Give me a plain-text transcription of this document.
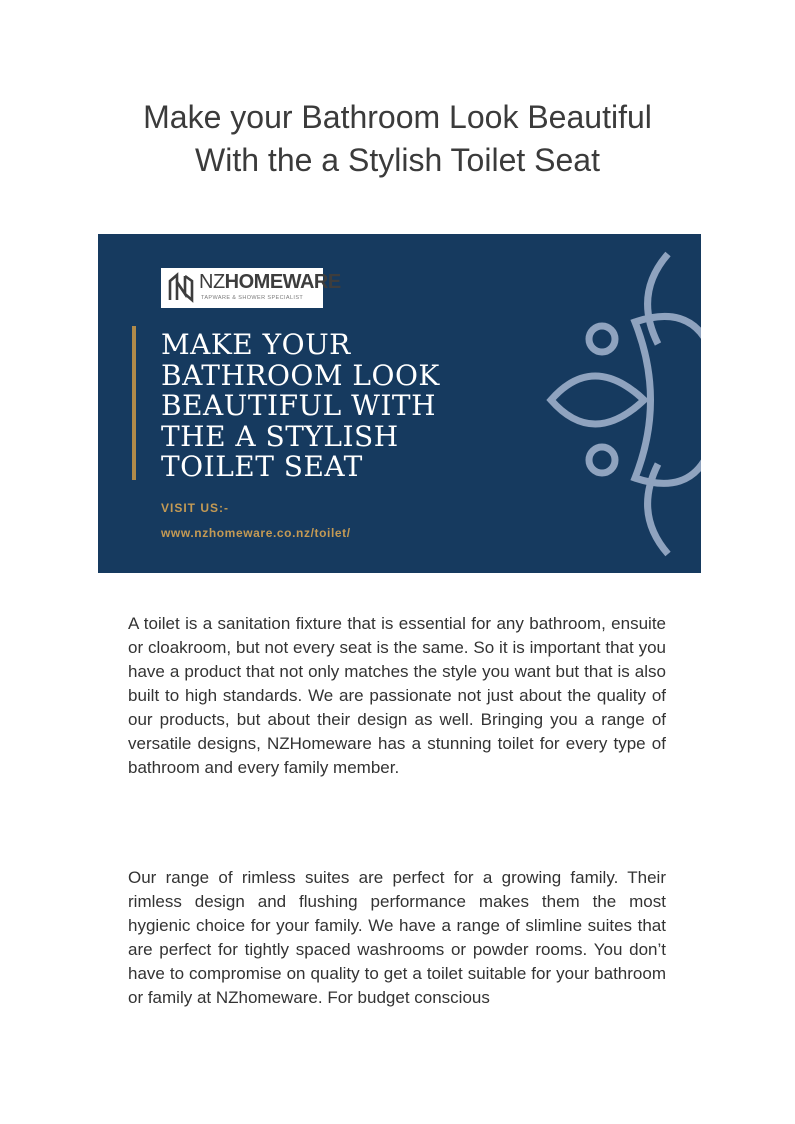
Make your Bathroom Look Beautiful
With the a Stylish Toilet Seat
NZHOMEWARE
TAPWARE & SHOWER SPECIALIST
MAKE YOUR
BATHROOM LOOK
BEAUTIFUL WITH
THE A STYLISH
TOILET SEAT
VISIT US:-
www.nzhomeware.co.nz/toilet/

A toilet is a sanitation fixture that is essential for any bathroom, ensuite or cloakroom, but not every seat is the same. So it is important that you have a product that not only matches the style you want but that is also built to high standards. We are passionate not just about the quality of our products, but about their design as well. Bringing you a range of versatile designs, NZHomeware has a stunning toilet for every type of bathroom and every family member.

Our range of rimless suites are perfect for a growing family. Their rimless design and flushing performance makes them the most hygienic choice for your family. We have a range of slimline suites that are perfect for tightly spaced washrooms or powder rooms. You don’t have to compromise on quality to get a toilet suitable for your bathroom or family at NZhomeware. For budget conscious
